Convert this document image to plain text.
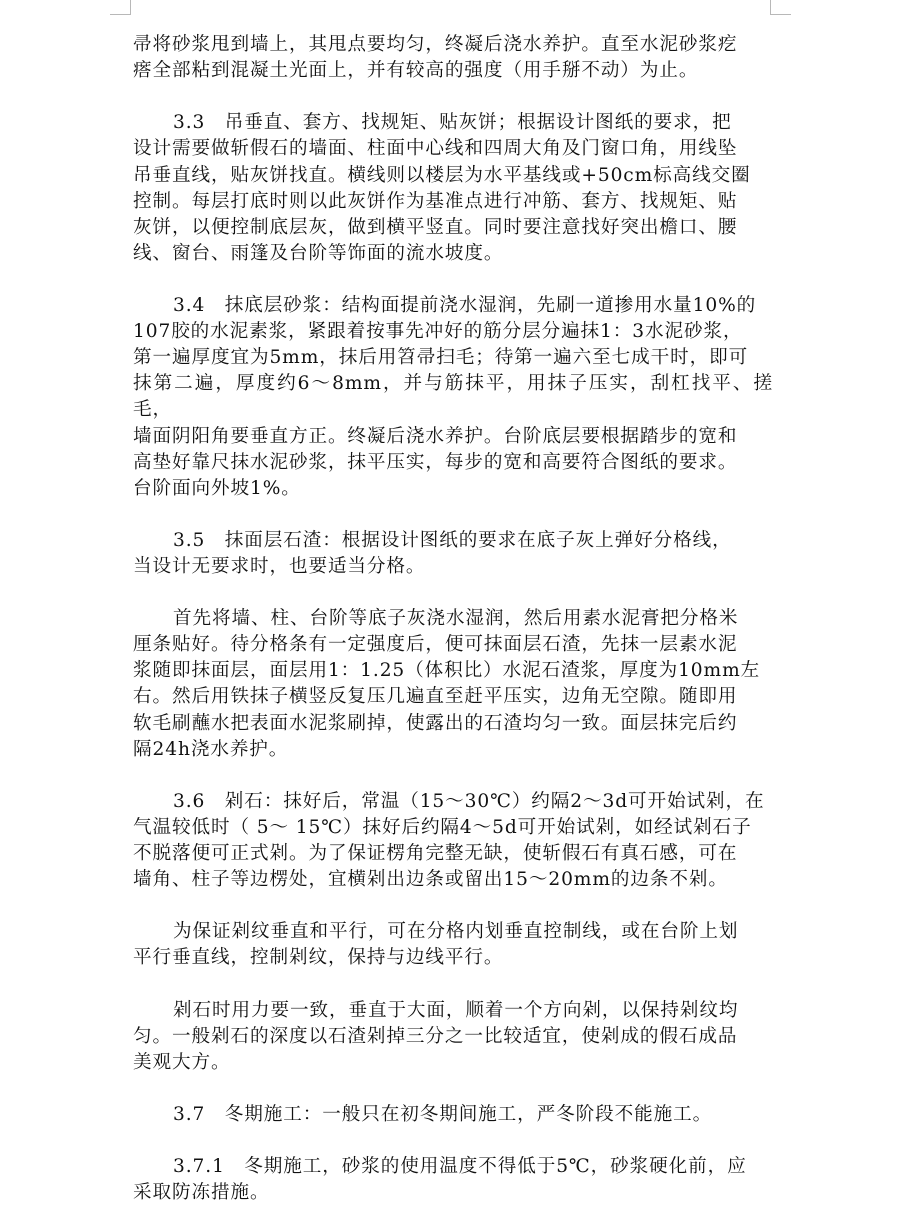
帚将砂浆甩到墙上，其甩点要均匀，终凝后浇水养护。直至水泥砂浆疙
瘩全部粘到混凝土光面上，并有较高的强度（用手掰不动）为止。

3.3　吊垂直、套方、找规矩、贴灰饼；根据设计图纸的要求，把
设计需要做斩假石的墙面、柱面中心线和四周大角及门窗口角，用线坠
吊垂直线，贴灰饼找直。横线则以楼层为水平基线或+50cm标高线交圈
控制。每层打底时则以此灰饼作为基准点进行冲筋、套方、找规矩、贴
灰饼，以便控制底层灰，做到横平竖直。同时要注意找好突出檐口、腰
线、窗台、雨篷及台阶等饰面的流水坡度。

3.4　抹底层砂浆：结构面提前浇水湿润，先刷一道掺用水量10%的
107胶的水泥素浆，紧跟着按事先冲好的筋分层分遍抹1：3水泥砂浆，
第一遍厚度宜为5mm，抹后用笤帚扫毛；待第一遍六至七成干时，即可
抹第二遍，厚度约6～8mm，并与筋抹平，用抹子压实，刮杠找平、搓毛，
墙面阴阳角要垂直方正。终凝后浇水养护。台阶底层要根据踏步的宽和
高垫好靠尺抹水泥砂浆，抹平压实，每步的宽和高要符合图纸的要求。
台阶面向外坡1%。

3.5　抹面层石渣：根据设计图纸的要求在底子灰上弹好分格线，
当设计无要求时，也要适当分格。

首先将墙、柱、台阶等底子灰浇水湿润，然后用素水泥膏把分格米
厘条贴好。待分格条有一定强度后，便可抹面层石渣，先抹一层素水泥
浆随即抹面层，面层用1：1.25（体积比）水泥石渣浆，厚度为10mm左
右。然后用铁抹子横竖反复压几遍直至赶平压实，边角无空隙。随即用
软毛刷蘸水把表面水泥浆刷掉，使露出的石渣均匀一致。面层抹完后约
隔24h浇水养护。

3.6　剁石：抹好后，常温（15～30℃）约隔2～3d可开始试剁，在
气温较低时（ 5～ 15℃）抹好后约隔4～5d可开始试剁，如经试剁石子
不脱落便可正式剁。为了保证楞角完整无缺，使斩假石有真石感，可在
墙角、柱子等边楞处，宜横剁出边条或留出15～20mm的边条不剁。

为保证剁纹垂直和平行，可在分格内划垂直控制线，或在台阶上划
平行垂直线，控制剁纹，保持与边线平行。

剁石时用力要一致，垂直于大面，顺着一个方向剁，以保持剁纹均
匀。一般剁石的深度以石渣剁掉三分之一比较适宜，使剁成的假石成品
美观大方。

3.7　冬期施工：一般只在初冬期间施工，严冬阶段不能施工。

3.7.1　冬期施工，砂浆的使用温度不得低于5℃，砂浆硬化前，应
采取防冻措施。
